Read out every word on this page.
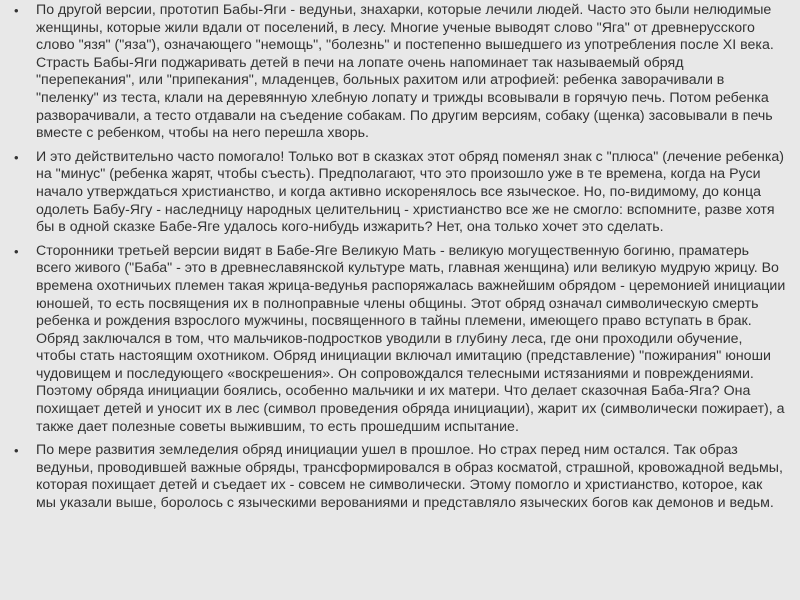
• По другой версии, прототип Бабы-Яги - ведуньи, знахарки, которые лечили людей. Часто это были нелюдимые женщины, которые жили вдали от поселений, в лесу. Многие ученые выводят слово "Яга" от древнерусского слово "язя" ("яза"), означающего "немощь", "болезнь" и постепенно вышедшего из употребления после XI века. Страсть Бабы-Яги поджаривать детей в печи на лопате очень напоминает так называемый обряд "перепекания", или "припекания", младенцев, больных рахитом или атрофией: ребенка заворачивали в "пеленку" из теста, клали на деревянную хлебную лопату и трижды всовывали в горячую печь. Потом ребенка разворачивали, а тесто отдавали на съедение собакам. По другим версиям, собаку (щенка) засовывали в печь вместе с ребенком, чтобы на него перешла хворь.
• И это действительно часто помогало! Только вот в сказках этот обряд поменял знак с "плюса" (лечение ребенка) на "минус" (ребенка жарят, чтобы съесть). Предполагают, что это произошло уже в те времена, когда на Руси начало утверждаться христианство, и когда активно искоренялось все языческое. Но, по-видимому, до конца одолеть Бабу-Ягу - наследницу народных целительниц - христианство все же не смогло: вспомните, разве хотя бы в одной сказке Бабе-Яге удалось кого-нибудь изжарить? Нет, она только хочет это сделать.
• Сторонники третьей версии видят в Бабе-Яге Великую Мать - великую могущественную богиню, праматерь всего живого ("Баба" - это в древнеславянской культуре мать, главная женщина) или великую мудрую жрицу. Во времена охотничьих племен такая жрица-ведунья распоряжалась важнейшим обрядом - церемонией инициации юношей, то есть посвящения их в полноправные члены общины. Этот обряд означал символическую смерть ребенка и рождения взрослого мужчины, посвященного в тайны племени, имеющего право вступать в брак. Обряд заключался в том, что мальчиков-подростков уводили в глубину леса, где они проходили обучение, чтобы стать настоящим охотником. Обряд инициации включал имитацию (представление) "пожирания" юноши чудовищем и последующего «воскрешения». Он сопровождался телесными истязаниями и повреждениями. Поэтому обряда инициации боялись, особенно мальчики и их матери. Что делает сказочная Баба-Яга? Она похищает детей и уносит их в лес (символ проведения обряда инициации), жарит их (символически пожирает), а также дает полезные советы выжившим, то есть прошедшим испытание.
• По мере развития земледелия обряд инициации ушел в прошлое. Но страх перед ним остался. Так образ ведуньи, проводившей важные обряды, трансформировался в образ косматой, страшной, кровожадной ведьмы, которая похищает детей и съедает их - совсем не символически. Этому помогло и христианство, которое, как мы указали выше, боролось с языческими верованиями и представляло языческих богов как демонов и ведьм.
